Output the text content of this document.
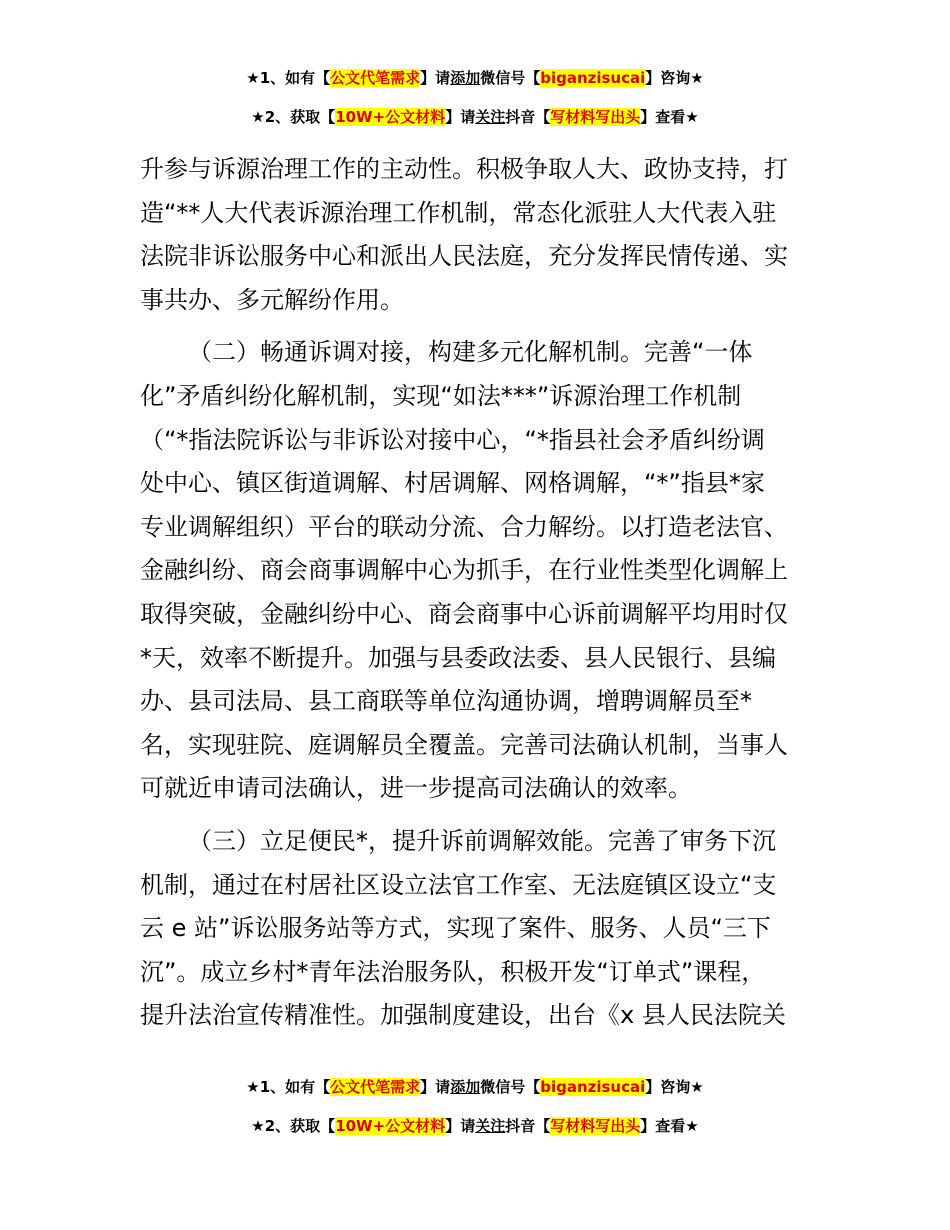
★1、如有【公文代笔需求】请添加微信号【biganzisucai】咨询★
★2、获取【10W+公文材料】请关注抖音【写材料写出头】查看★
升参与诉源治理工作的主动性。积极争取人大、政协支持，打
造“**人大代表诉源治理工作机制，常态化派驻人大代表入驻
法院非诉讼服务中心和派出人民法庭，充分发挥民情传递、实
事共办、多元解纷作用。
（二）畅通诉调对接，构建多元化解机制。完善“一体
化”矛盾纠纷化解机制，实现“如法***”诉源治理工作机制
（“*指法院诉讼与非诉讼对接中心，“*指县社会矛盾纠纷调
处中心、镇区街道调解、村居调解、网格调解，“*”指县*家
专业调解组织）平台的联动分流、合力解纷。以打造老法官、
金融纠纷、商会商事调解中心为抓手，在行业性类型化调解上
取得突破，金融纠纷中心、商会商事中心诉前调解平均用时仅
*天，效率不断提升。加强与县委政法委、县人民银行、县编
办、县司法局、县工商联等单位沟通协调，增聘调解员至*
名，实现驻院、庭调解员全覆盖。完善司法确认机制，当事人
可就近申请司法确认，进一步提高司法确认的效率。
（三）立足便民*，提升诉前调解效能。完善了审务下沉
机制，通过在村居社区设立法官工作室、无法庭镇区设立“支
云 e 站”诉讼服务站等方式，实现了案件、服务、人员“三下
沉”。成立乡村*青年法治服务队，积极开发“订单式”课程，
提升法治宣传精准性。加强制度建设，出台《x 县人民法院关
★1、如有【公文代笔需求】请添加微信号【biganzisucai】咨询★
★2、获取【10W+公文材料】请关注抖音【写材料写出头】查看★
